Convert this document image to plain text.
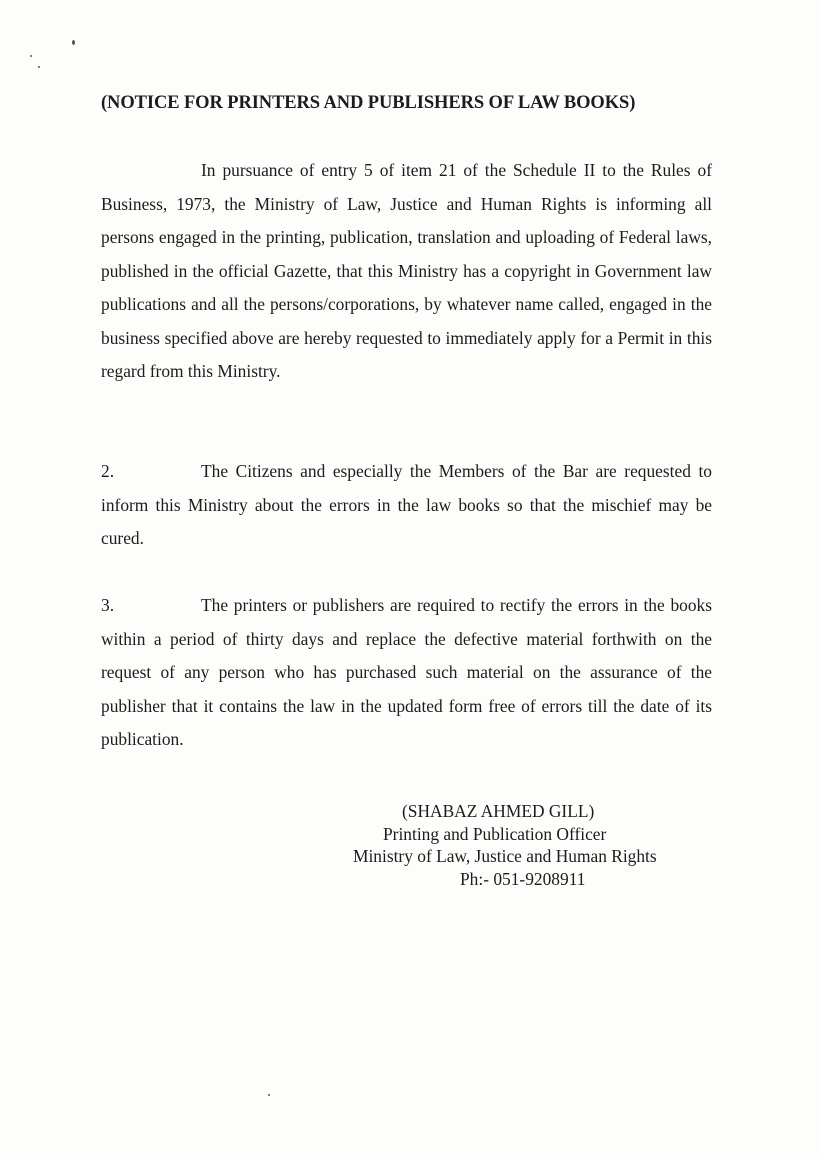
(NOTICE FOR PRINTERS AND PUBLISHERS OF LAW BOOKS)

In pursuance of entry 5 of item 21 of the Schedule II to the Rules of Business, 1973, the Ministry of Law, Justice and Human Rights is informing all persons engaged in the printing, publication, translation and uploading of Federal laws, published in the official Gazette, that this Ministry has a copyright in Government law publications and all the persons/corporations, by whatever name called, engaged in the business specified above are hereby requested to immediately apply for a Permit in this regard from this Ministry.

2.	The Citizens and especially the Members of the Bar are requested to inform this Ministry about the errors in the law books so that the mischief may be cured.

3.	The printers or publishers are required to rectify the errors in the books within a period of thirty days and replace the defective material forthwith on the request of any person who has purchased such material on the assurance of the publisher that it contains the law in the updated form free of errors till the date of its publication.

(SHABAZ AHMED GILL)
Printing and Publication Officer
Ministry of Law, Justice and Human Rights
Ph:- 051-9208911
